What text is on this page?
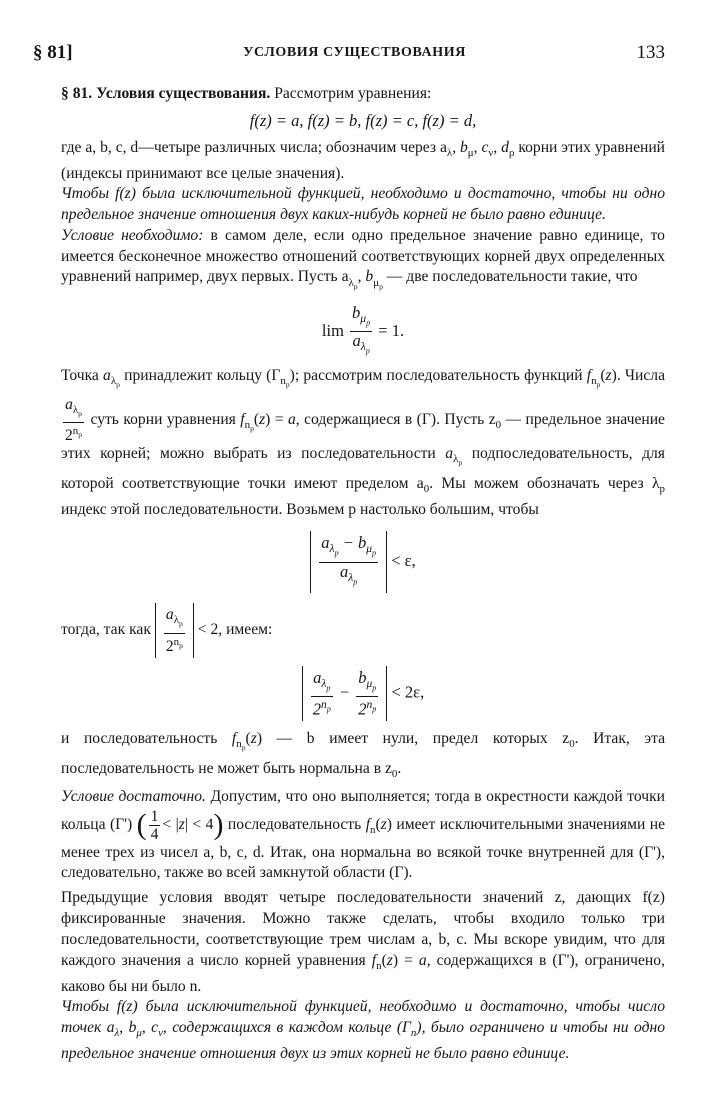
§ 81]	УСЛОВИЯ СУЩЕСТВОВАНИЯ	133

§ 81. Условия существования. Рассмотрим уравнения:

f(z) = a, f(z) = b, f(z) = c, f(z) = d,

где a, b, c, d—четыре различных числа; обозначим через $a_\lambda$, $b_\mu$, $c_\nu$, $d_\rho$ корни этих уравнений (индексы принимают все целые значения).

Чтобы f(z) была исключительной функцией, необходимо и достаточно, чтобы ни одно предельное значение отношения двух каких-нибудь корней не было равно единице.

Условие необходимо: в самом деле, если одно предельное значение равно единице, то имеется бесконечное множество отношений соответствующих корней двух определенных уравнений например, двух первых. Пусть $a_{\lambda_p}$, $b_{\mu_p}$ — две последовательности такие, что

$\lim \frac{b_{\mu_p}}{a_{\lambda_p}} = 1$.

Точка $a_{\lambda_p}$ принадлежит кольцу $(\Gamma_{n_p})$; рассмотрим последовательность функций $f_{n_p}(z)$. Числа
$\frac{a_{\lambda_p}}{2^{n_p}}$ суть корни уравнения $f_{n_p}(z) = a$, содержащиеся в (Γ). Пусть $z_0$ — предельное значение этих корней; можно выбрать из последовательности $a_{\lambda_p}$ подпоследовательность, для которой соответствующие точки имеют пределом $a_0$. Мы можем обозначать через $\lambda_p$ индекс этой последовательности. Возьмем p настолько большим, чтобы

$\frac{a_{\lambda_p} - b_{\mu_p}}{a_{\lambda_p}} < \varepsilon$,

тогда, так как $\frac{a_{\lambda_p}}{2^{n_p}} < 2$, имеем:

$\frac{a_{\lambda_p}}{2^{n_p}} - \frac{b_{\mu_p}}{2^{n_p}} < 2\varepsilon$,

и последовательность $f_{n_p}(z)$ — b имеет нули, предел которых $z_0$. Итак, эта последовательность не может быть нормальна в $z_0$.

Условие достаточно. Допустим, что оно выполняется; тогда в окрестности каждой точки кольца (Γ') ( $\frac{1}{4} < |z| < 4$) последовательность $f_n(z)$ имеет исключительными значениями не менее трех из чисел a, b, c, d. Итак, она нормальна во всякой точке внутренней для (Γ'), следовательно, также во всей замкнутой области (Γ).

Предыдущие условия вводят четыре последовательности значений z, дающих f(z) фиксированные значения. Можно также сделать, чтобы входило только три последовательности, соответствующие трем числам a, b, c. Мы вскоре увидим, что для каждого значения a число корней уравнения $f_n(z) = a$, содержащихся в (Γ'), ограничено, каково бы ни было n.

Чтобы f(z) была исключительной функцией, необходимо и достаточно, чтобы число точек $a_\lambda$, $b_\mu$, $c_\nu$, содержащихся в каждом кольце $(\Gamma_n)$, было ограничено и чтобы ни одно предельное значение отношения двух из этих корней не было равно единице.
